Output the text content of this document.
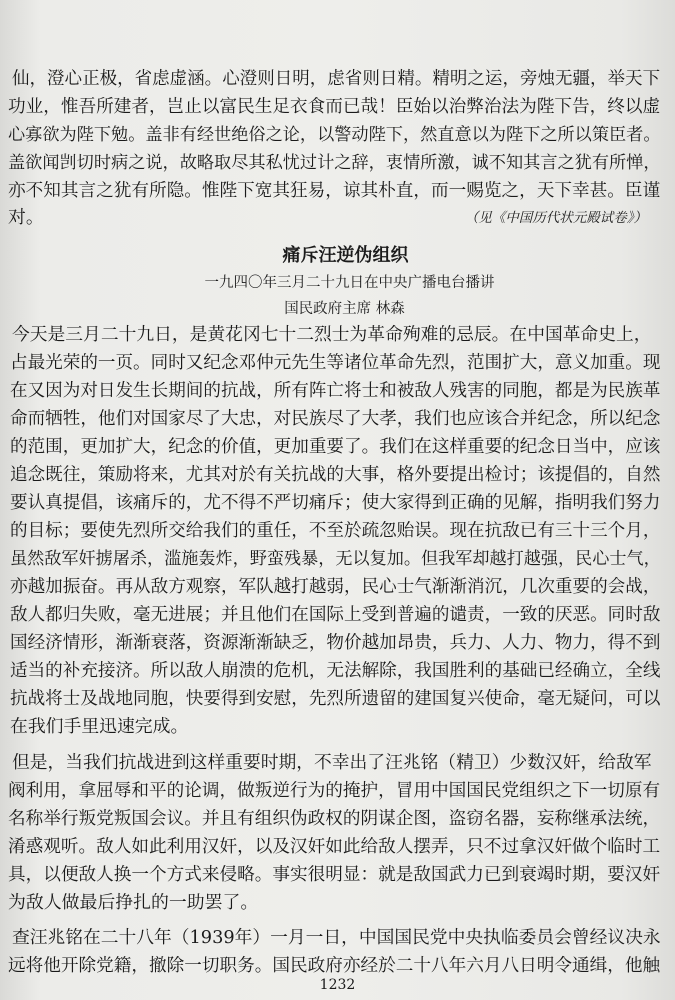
仙，澄心正极，省虑虚涵。心澄则日明，虑省则日精。精明之运，旁烛无疆，举天下
功业，惟吾所建者，岂止以富民生足衣食而已哉！臣始以治弊治法为陛下告，终以虚
心寡欲为陛下勉。盖非有经世绝俗之论，以警动陛下，然直意以为陛下之所以策臣者。
盖欲闻剀切时病之说，故略取尽其私忧过计之辞，衷情所激，诚不知其言之犹有所惮，
亦不知其言之犹有所隐。惟陛下宽其狂易，谅其朴直，而一赐览之，天下幸甚。臣谨
对。	（见《中国历代状元殿试卷》）
痛斥汪逆伪组织
一九四〇年三月二十九日在中央广播电台播讲
国民政府主席 林森
今天是三月二十九日，是黄花冈七十二烈士为革命殉难的忌辰。在中国革命史上，
占最光荣的一页。同时又纪念邓仲元先生等诸位革命先烈，范围扩大，意义加重。现
在又因为对日发生长期间的抗战，所有阵亡将士和被敌人残害的同胞，都是为民族革
命而牺牲，他们对国家尽了大忠，对民族尽了大孝，我们也应该合并纪念，所以纪念
的范围，更加扩大，纪念的价值，更加重要了。我们在这样重要的纪念日当中，应该
追念既往，策励将来，尤其对於有关抗战的大事，格外要提出检讨；该提倡的，自然
要认真提倡，该痛斥的，尤不得不严切痛斥；使大家得到正确的见解，指明我们努力
的目标；要使先烈所交给我们的重任，不至於疏忽贻误。现在抗敌已有三十三个月，
虽然敌军奸掳屠杀，滥施轰炸，野蛮残暴，无以复加。但我军却越打越强，民心士气，
亦越加振奋。再从敌方观察，军队越打越弱，民心士气渐渐消沉，几次重要的会战，
敌人都归失败，毫无进展；并且他们在国际上受到普遍的谴责，一致的厌恶。同时敌
国经济情形，渐渐衰落，资源渐渐缺乏，物价越加昂贵，兵力、人力、物力，得不到
适当的补充接济。所以敌人崩溃的危机，无法解除，我国胜利的基础已经确立，全线
抗战将士及战地同胞，快要得到安慰，先烈所遗留的建国复兴使命，毫无疑问，可以
在我们手里迅速完成。
但是，当我们抗战进到这样重要时期，不幸出了汪兆铭（精卫）少数汉奸，给敌军
阀利用，拿屈辱和平的论调，做叛逆行为的掩护，冒用中国国民党组织之下一切原有
名称举行叛党叛国会议。并且有组织伪政权的阴谋企图，盗窃名器，妄称继承法统，
淆惑观听。敌人如此利用汉奸，以及汉奸如此给敌人摆弄，只不过拿汉奸做个临时工
具，以便敌人换一个方式来侵略。事实很明显：就是敌国武力已到衰竭时期，要汉奸
为敌人做最后挣扎的一助罢了。
查汪兆铭在二十八年（1939年）一月一日，中国国民党中央执临委员会曾经议决永
远将他开除党籍，撤除一切职务。国民政府亦经於二十八年六月八日明令通缉，他触
1232
